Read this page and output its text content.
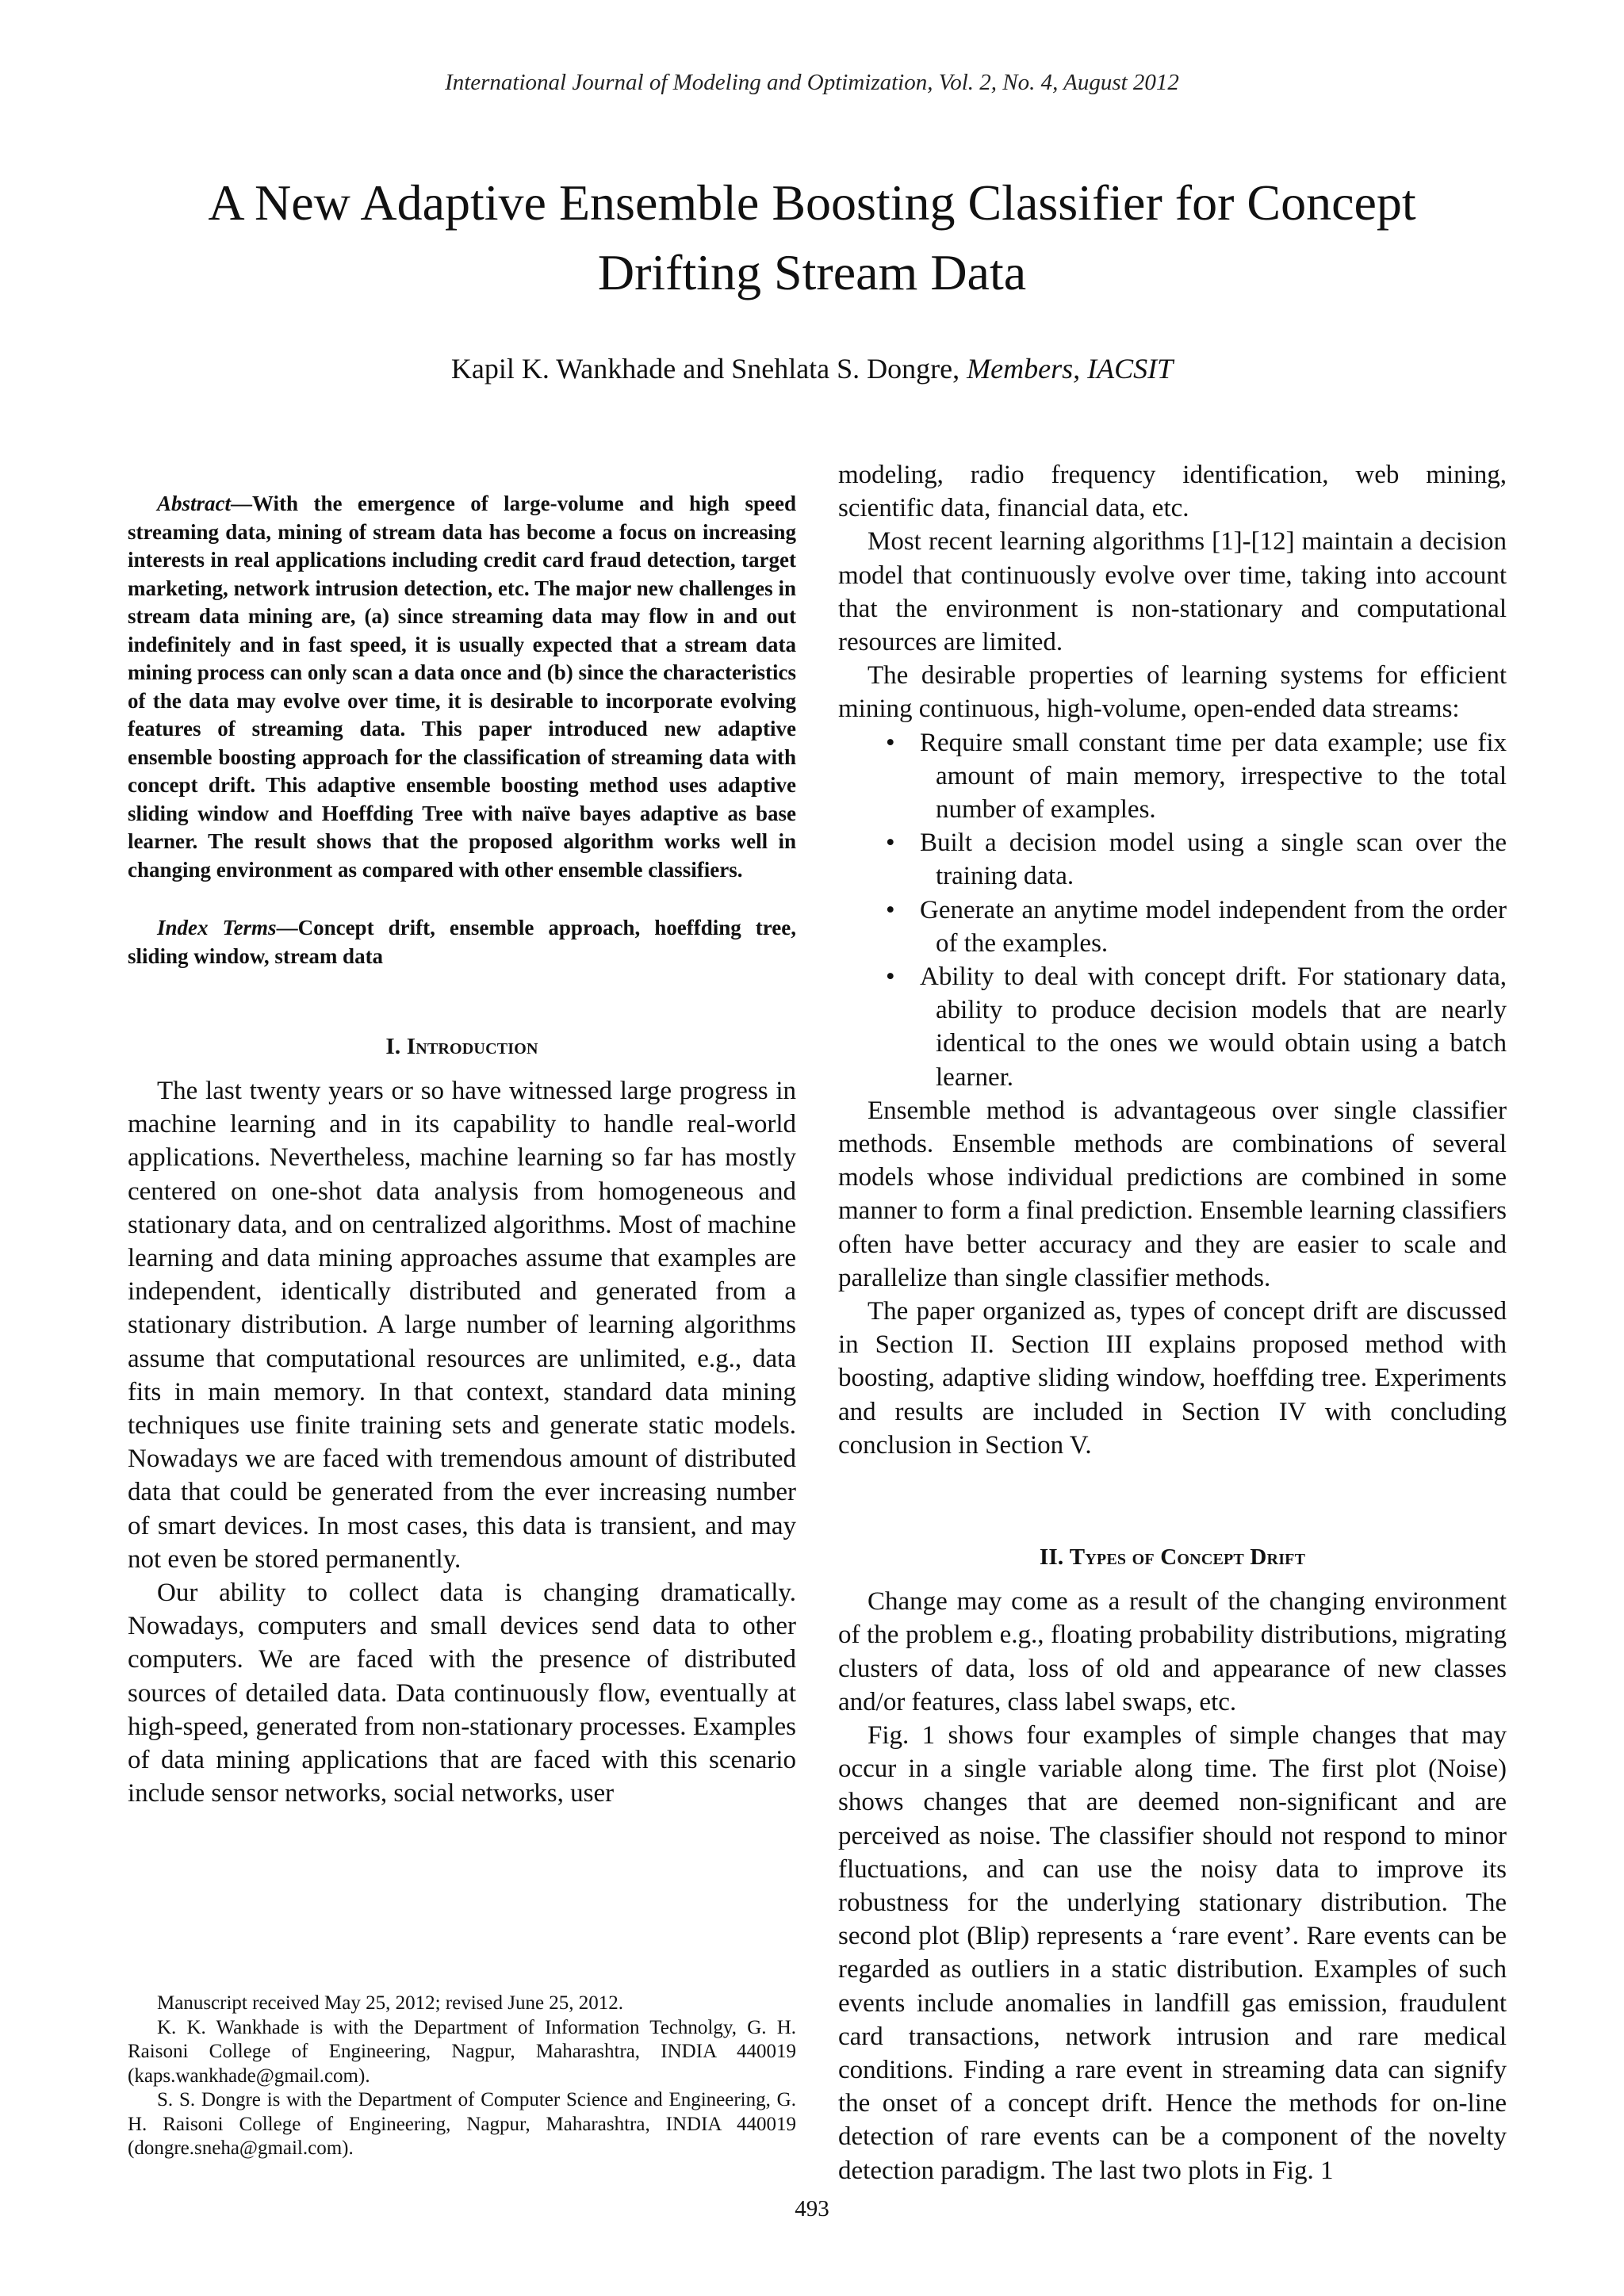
International Journal of Modeling and Optimization, Vol. 2, No. 4, August 2012
A New Adaptive Ensemble Boosting Classifier for Concept Drifting Stream Data
Kapil K. Wankhade and Snehlata S. Dongre, Members, IACSIT

Abstract—With the emergence of large-volume and high speed streaming data, mining of stream data has become a focus on increasing interests in real applications including credit card fraud detection, target marketing, network intrusion detection, etc. The major new challenges in stream data mining are, (a) since streaming data may flow in and out indefinitely and in fast speed, it is usually expected that a stream data mining process can only scan a data once and (b) since the characteristics of the data may evolve over time, it is desirable to incorporate evolving features of streaming data. This paper introduced new adaptive ensemble boosting approach for the classification of streaming data with concept drift. This adaptive ensemble boosting method uses adaptive sliding window and Hoeffding Tree with naïve bayes adaptive as base learner. The result shows that the proposed algorithm works well in changing environment as compared with other ensemble classifiers.

Index Terms—Concept drift, ensemble approach, hoeffding tree, sliding window, stream data

I. Introduction

The last twenty years or so have witnessed large progress in machine learning and in its capability to handle real-world applications. Nevertheless, machine learning so far has mostly centered on one-shot data analysis from homogeneous and stationary data, and on centralized algorithms. Most of machine learning and data mining approaches assume that examples are independent, identically distributed and generated from a stationary distribution. A large number of learning algorithms assume that computational resources are unlimited, e.g., data fits in main memory. In that context, standard data mining techniques use finite training sets and generate static models. Nowadays we are faced with tremendous amount of distributed data that could be generated from the ever increasing number of smart devices. In most cases, this data is transient, and may not even be stored permanently.

Our ability to collect data is changing dramatically. Nowadays, computers and small devices send data to other computers. We are faced with the presence of distributed sources of detailed data. Data continuously flow, eventually at high-speed, generated from non-stationary processes. Examples of data mining applications that are faced with this scenario include sensor networks, social networks, user

Manuscript received May 25, 2012; revised June 25, 2012.

K. K. Wankhade is with the Department of Information Technolgy, G. H. Raisoni College of Engineering, Nagpur, Maharashtra, INDIA 440019 (kaps.wankhade@gmail.com).

S. S. Dongre is with the Department of Computer Science and Engineering, G. H. Raisoni College of Engineering, Nagpur, Maharashtra, INDIA 440019 (dongre.sneha@gmail.com).

modeling, radio frequency identification, web mining, scientific data, financial data, etc.

Most recent learning algorithms [1]-[12] maintain a decision model that continuously evolve over time, taking into account that the environment is non-stationary and computational resources are limited.

The desirable properties of learning systems for efficient mining continuous, high-volume, open-ended data streams:

• Require small constant time per data example; use fix amount of main memory, irrespective to the total number of examples.
• Built a decision model using a single scan over the training data.
• Generate an anytime model independent from the order of the examples.
• Ability to deal with concept drift. For stationary data, ability to produce decision models that are nearly identical to the ones we would obtain using a batch learner.

Ensemble method is advantageous over single classifier methods. Ensemble methods are combinations of several models whose individual predictions are combined in some manner to form a final prediction. Ensemble learning classifiers often have better accuracy and they are easier to scale and parallelize than single classifier methods.

The paper organized as, types of concept drift are discussed in Section II. Section III explains proposed method with boosting, adaptive sliding window, hoeffding tree. Experiments and results are included in Section IV with concluding conclusion in Section V.

II. Types of Concept Drift

Change may come as a result of the changing environment of the problem e.g., floating probability distributions, migrating clusters of data, loss of old and appearance of new classes and/or features, class label swaps, etc.

Fig. 1 shows four examples of simple changes that may occur in a single variable along time. The first plot (Noise) shows changes that are deemed non-significant and are perceived as noise. The classifier should not respond to minor fluctuations, and can use the noisy data to improve its robustness for the underlying stationary distribution. The second plot (Blip) represents a ‘rare event’. Rare events can be regarded as outliers in a static distribution. Examples of such events include anomalies in landfill gas emission, fraudulent card transactions, network intrusion and rare medical conditions. Finding a rare event in streaming data can signify the onset of a concept drift. Hence the methods for on-line detection of rare events can be a component of the novelty detection paradigm. The last two plots in Fig. 1

493
